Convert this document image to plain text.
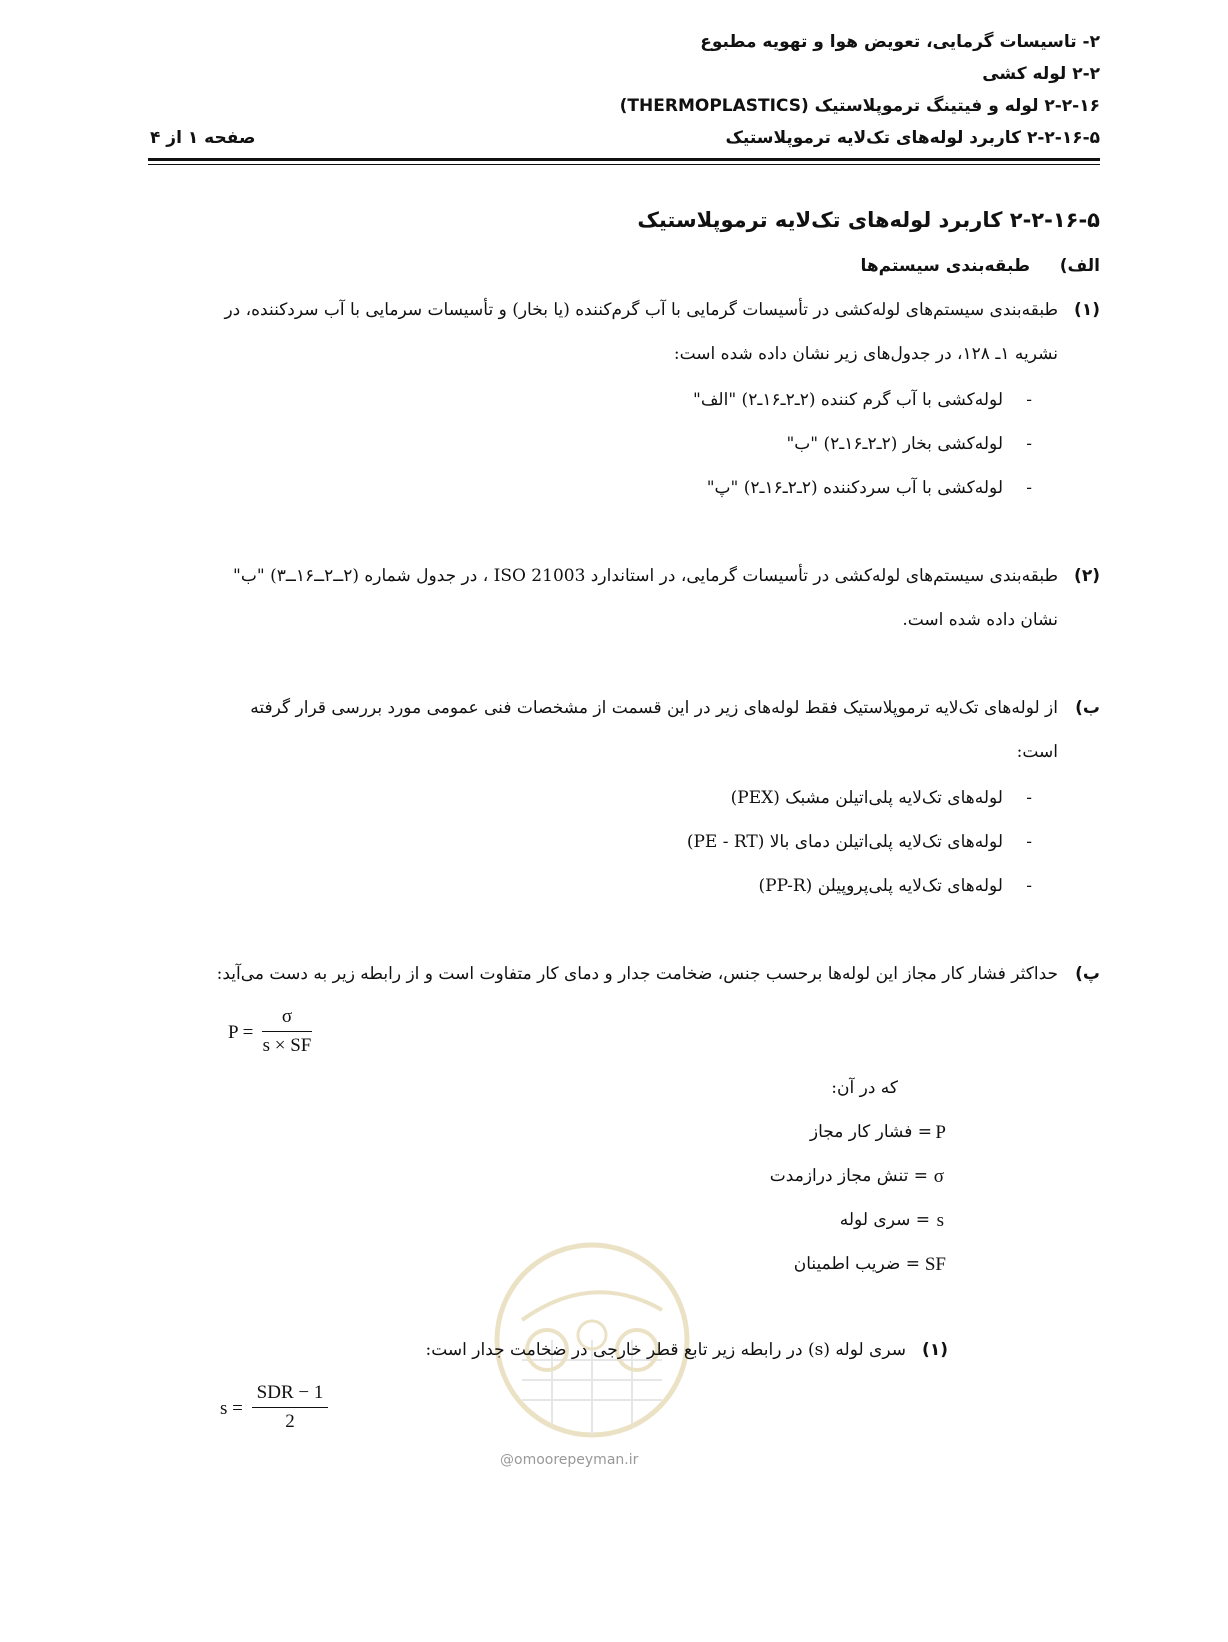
۲- تاسیسات گرمایی، تعویض هوا و تهویه مطبوع
۲-۲ لوله کشی
۲-۲-۱۶ لوله و فیتینگ ترموپلاستیک (THERMOPLASTICS)
۲-۲-۱۶-۵ کاربرد لوله‌های تک‌لایه ترموپلاستیک
صفحه ۱ از ۴
۲-۲-۱۶-۵ کاربرد لوله‌های تک‌لایه ترموپلاستیک
الف)
طبقه‌بندی سیستم‌ها
(۱)
طبقه‌بندی سیستم‌های لوله‌کشی در تأسیسات گرمایی با آب گرم‌کننده (یا بخار) و تأسیسات سرمایی با آب سردکننده، در
نشریه ۱ـ ۱۲۸، در جدول‌های زیر نشان داده شده است:
-
لوله‌کشی با آب گرم کننده (۲ـ۲ـ۱۶ـ۲) "الف"
-
لوله‌کشی بخار (۲ـ۲ـ۱۶ـ۲) "ب"
-
لوله‌کشی با آب سردکننده (۲ـ۲ـ۱۶ـ۲) "پ"
(۲)
طبقه‌بندی سیستم‌های لوله‌کشی در تأسیسات گرمایی، در استاندارد ISO 21003 ، در جدول شماره (۲ــ۲ــ۱۶ــ۳) "ب"
نشان داده شده است.
ب)
از لوله‌های تک‌لایه ترموپلاستیک فقط لوله‌های زیر در این قسمت از مشخصات فنی عمومی مورد بررسی قرار گرفته
است:
-
لوله‌های تک‌لایه پلی‌اتیلن مشبک (PEX)
-
لوله‌های تک‌لایه پلی‌اتیلن دمای بالا (PE - RT)
-
لوله‌های تک‌لایه پلی‌پروپیلن (PP-R)
پ)
حداکثر فشار کار مجاز این لوله‌ها برحسب جنس، ضخامت جدار و دمای کار متفاوت است و از رابطه زیر به دست می‌آید:
P =
σ
s × SF
که در آن:
P
= فشار کار مجاز
σ
= تنش مجاز درازمدت
s
= سری لوله
SF
= ضریب اطمینان
(۱)
سری لوله (s) در رابطه زیر تابع قطر خارجی در ضخامت جدار است:
s =
SDR − 1
2
@omoorepeyman.ir
